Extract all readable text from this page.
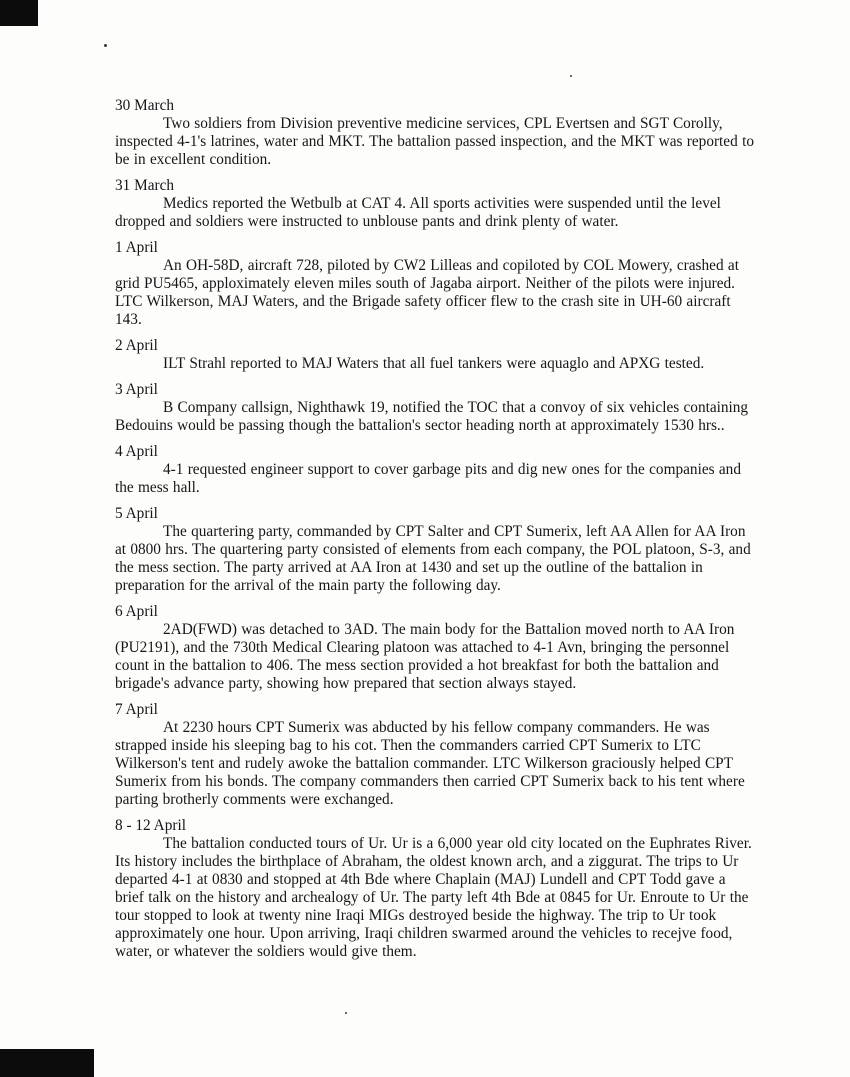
30 March

Two soldiers from Division preventive medicine services, CPL Evertsen and SGT Corolly, inspected 4-1's latrines, water and MKT. The battalion passed inspection, and the MKT was reported to be in excellent condition.

31 March

Medics reported the Wetbulb at CAT 4. All sports activities were suspended until the level dropped and soldiers were instructed to unblouse pants and drink plenty of water.

1 April

An OH-58D, aircraft 728, piloted by CW2 Lilleas and copiloted by COL Mowery, crashed at grid PU5465, apploximately eleven miles south of Jagaba airport. Neither of the pilots were injured. LTC Wilkerson, MAJ Waters, and the Brigade safety officer flew to the crash site in UH-60 aircraft 143.

2 April

ILT Strahl reported to MAJ Waters that all fuel tankers were aquaglo and APXG tested.

3 April

B Company callsign, Nighthawk 19, notified the TOC that a convoy of six vehicles containing Bedouins would be passing though the battalion's sector heading north at approximately 1530 hrs..

4 April

4-1 requested engineer support to cover garbage pits and dig new ones for the companies and the mess hall.

5 April

The quartering party, commanded by CPT Salter and CPT Sumerix, left AA Allen for AA Iron at 0800 hrs. The quartering party consisted of elements from each company, the POL platoon, S-3, and the mess section. The party arrived at AA Iron at 1430 and set up the outline of the battalion in preparation for the arrival of the main party the following day.

6 April

2AD(FWD) was detached to 3AD. The main body for the Battalion moved north to AA Iron (PU2191), and the 730th Medical Clearing platoon was attached to 4-1 Avn, bringing the personnel count in the battalion to 406. The mess section provided a hot breakfast for both the battalion and brigade's advance party, showing how prepared that section always stayed.

7 April

At 2230 hours CPT Sumerix was abducted by his fellow company commanders. He was strapped inside his sleeping bag to his cot. Then the commanders carried CPT Sumerix to LTC Wilkerson's tent and rudely awoke the battalion commander. LTC Wilkerson graciously helped CPT Sumerix from his bonds. The company commanders then carried CPT Sumerix back to his tent where parting brotherly comments were exchanged.

8 - 12 April

The battalion conducted tours of Ur. Ur is a 6,000 year old city located on the Euphrates River. Its history includes the birthplace of Abraham, the oldest known arch, and a ziggurat. The trips to Ur departed 4-1 at 0830 and stopped at 4th Bde where Chaplain (MAJ) Lundell and CPT Todd gave a brief talk on the history and archealogy of Ur. The party left 4th Bde at 0845 for Ur. Enroute to Ur the tour stopped to look at twenty nine Iraqi MIGs destroyed beside the highway. The trip to Ur took approximately one hour. Upon arriving, Iraqi children swarmed around the vehicles to recejve food, water, or whatever the soldiers would give them.
